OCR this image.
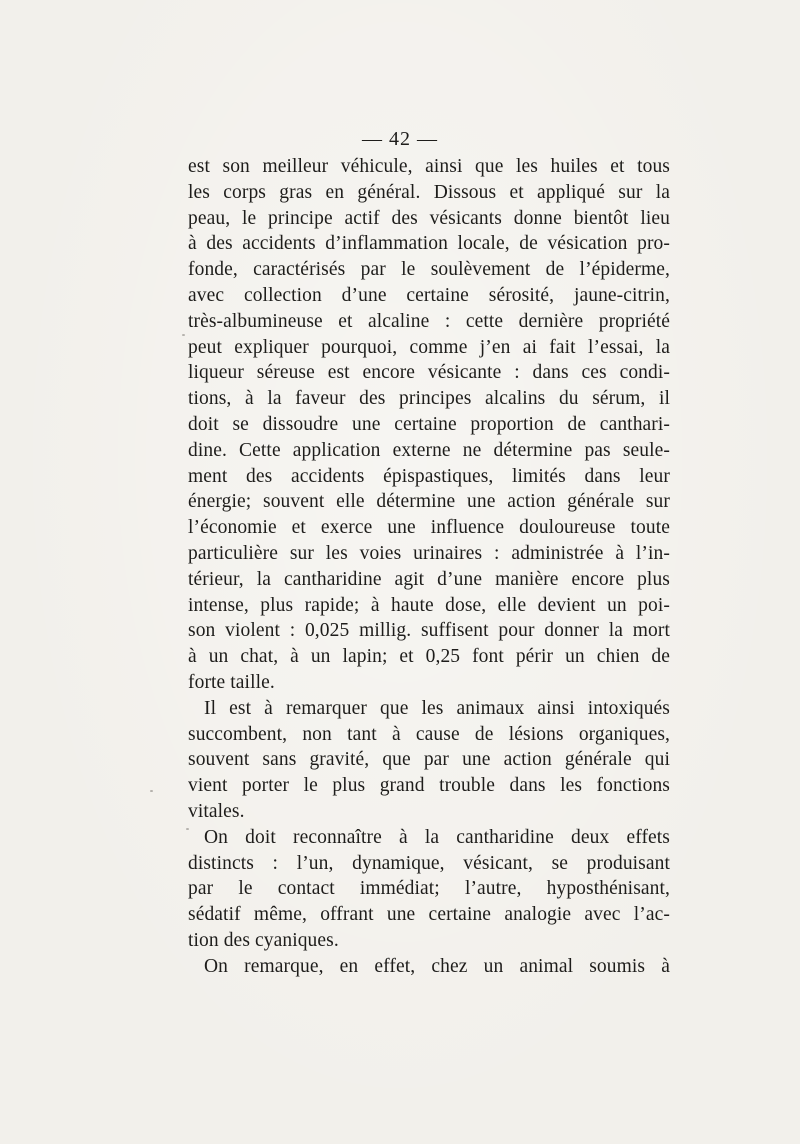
— 42 —
est son meilleur véhicule, ainsi que les huiles et tous
les corps gras en général. Dissous et appliqué sur la
peau, le principe actif des vésicants donne bientôt lieu
à des accidents d’inflammation locale, de vésication pro-
fonde, caractérisés par le soulèvement de l’épiderme,
avec collection d’une certaine sérosité, jaune-citrin,
très-albumineuse et alcaline : cette dernière propriété
peut expliquer pourquoi, comme j’en ai fait l’essai, la
liqueur séreuse est encore vésicante : dans ces condi-
tions, à la faveur des principes alcalins du sérum, il
doit se dissoudre une certaine proportion de canthari-
dine. Cette application externe ne détermine pas seule-
ment des accidents épispastiques, limités dans leur
énergie; souvent elle détermine une action générale sur
l’économie et exerce une influence douloureuse toute
particulière sur les voies urinaires : administrée à l’in-
térieur, la cantharidine agit d’une manière encore plus
intense, plus rapide; à haute dose, elle devient un poi-
son violent : 0,025 millig. suffisent pour donner la mort
à un chat, à un lapin; et 0,25 font périr un chien de
forte taille.
Il est à remarquer que les animaux ainsi intoxiqués
succombent, non tant à cause de lésions organiques,
souvent sans gravité, que par une action générale qui
vient porter le plus grand trouble dans les fonctions
vitales.
On doit reconnaître à la cantharidine deux effets
distincts : l’un, dynamique, vésicant, se produisant
par le contact immédiat; l’autre, hyposthénisant,
sédatif même, offrant une certaine analogie avec l’ac-
tion des cyaniques.
On remarque, en effet, chez un animal soumis à
